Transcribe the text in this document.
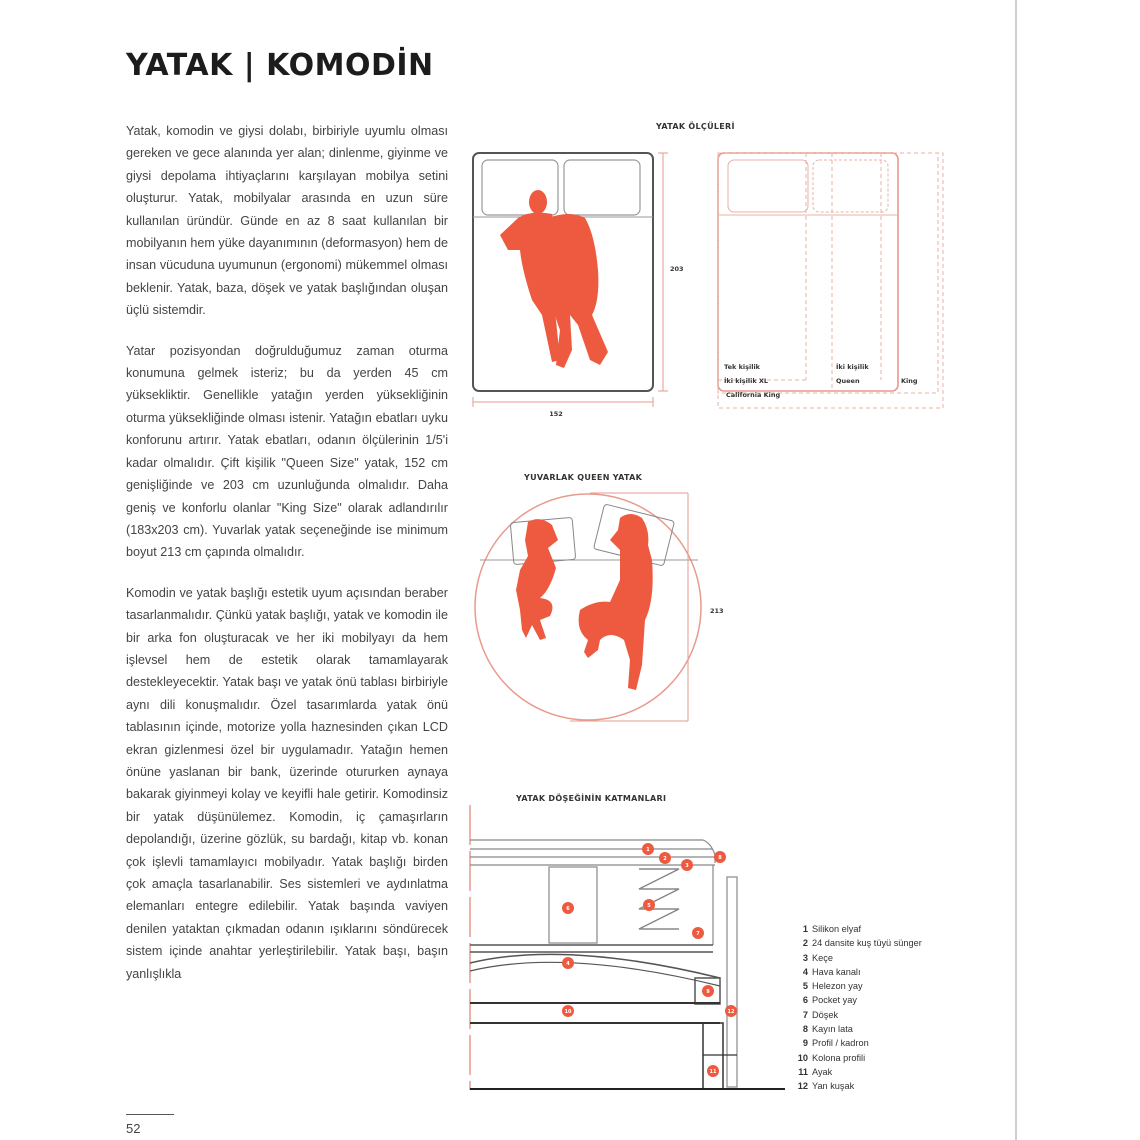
YATAK | KOMODİN

Yatak, komodin ve giysi dolabı, birbiriyle uyumlu olması gereken ve gece alanında yer alan; dinlenme, giyinme ve giysi depolama ihtiyaçlarını karşılayan mobilya setini oluşturur. Yatak, mobilyalar arasında en uzun süre kullanılan üründür. Günde en az 8 saat kullanılan bir mobilyanın hem yüke dayanımının (deformasyon) hem de insan vücuduna uyumunun (ergonomi) mükemmel olması beklenir. Yatak, baza, döşek ve yatak başlığından oluşan üçlü sistemdir.

Yatar pozisyondan doğrulduğumuz zaman oturma konumuna gelmek isteriz; bu da yerden 45 cm yüksekliktir. Genellikle yatağın yerden yüksekliğinin oturma yüksekliğinde olması istenir. Yatağın ebatları uyku konforunu artırır. Yatak ebatları, odanın ölçülerinin 1/5'i kadar olmalıdır. Çift kişilik "Queen Size" yatak, 152 cm genişliğinde ve 203 cm uzunluğunda olmalıdır. Daha geniş ve konforlu olanlar "King Size" olarak adlandırılır (183x203 cm). Yuvarlak yatak seçeneğinde ise minimum boyut 213 cm çapında olmalıdır.

Komodin ve yatak başlığı estetik uyum açısından beraber tasarlanmalıdır. Çünkü yatak başlığı, yatak ve komodin ile bir arka fon oluşturacak ve her iki mobilyayı da hem işlevsel hem de estetik olarak tamamlayarak destekleyecektir. Yatak başı ve yatak önü tablası birbiriyle aynı dili konuşmalıdır. Özel tasarımlarda yatak önü tablasının içinde, motorize yolla haznesinden çıkan LCD ekran gizlenmesi özel bir uygulamadır. Yatağın hemen önüne yaslanan bir bank, üzerinde otururken aynaya bakarak giyinmeyi kolay ve keyifli hale getirir. Komodinsiz bir yatak düşünülemez. Komodin, iç çamaşırların depolandığı, üzerine gözlük, su bardağı, kitap vb. konan çok işlevli tamamlayıcı mobilyadır. Yatak başlığı birden çok amaçla tasarlanabilir. Ses sistemleri ve aydınlatma elemanları entegre edilebilir. Yatak başında vaviyen denilen yataktan çıkmadan odanın ışıklarını söndürecek sistem içinde anahtar yerleştirilebilir. Yatak başı, başın yanlışlıkla

52
YATAK ÖLÇÜLERİ
203
152
Tek kişilik	İki kişilik
İki kişilik XL	Queen	King
California King
YUVARLAK QUEEN YATAK
213
YATAK DÖŞEĞİNİN KATMANLARI
1
2
3
8
6	5
7
4
9
10	12
11
1 Silikon elyaf
2 24 dansite kuş tüyü sünger
3 Keçe
4 Hava kanalı
5 Helezon yay
6 Pocket yay
7 Döşek
8 Kayın lata
9 Profil / kadron
10 Kolona profili
11 Ayak
12 Yan kuşak
